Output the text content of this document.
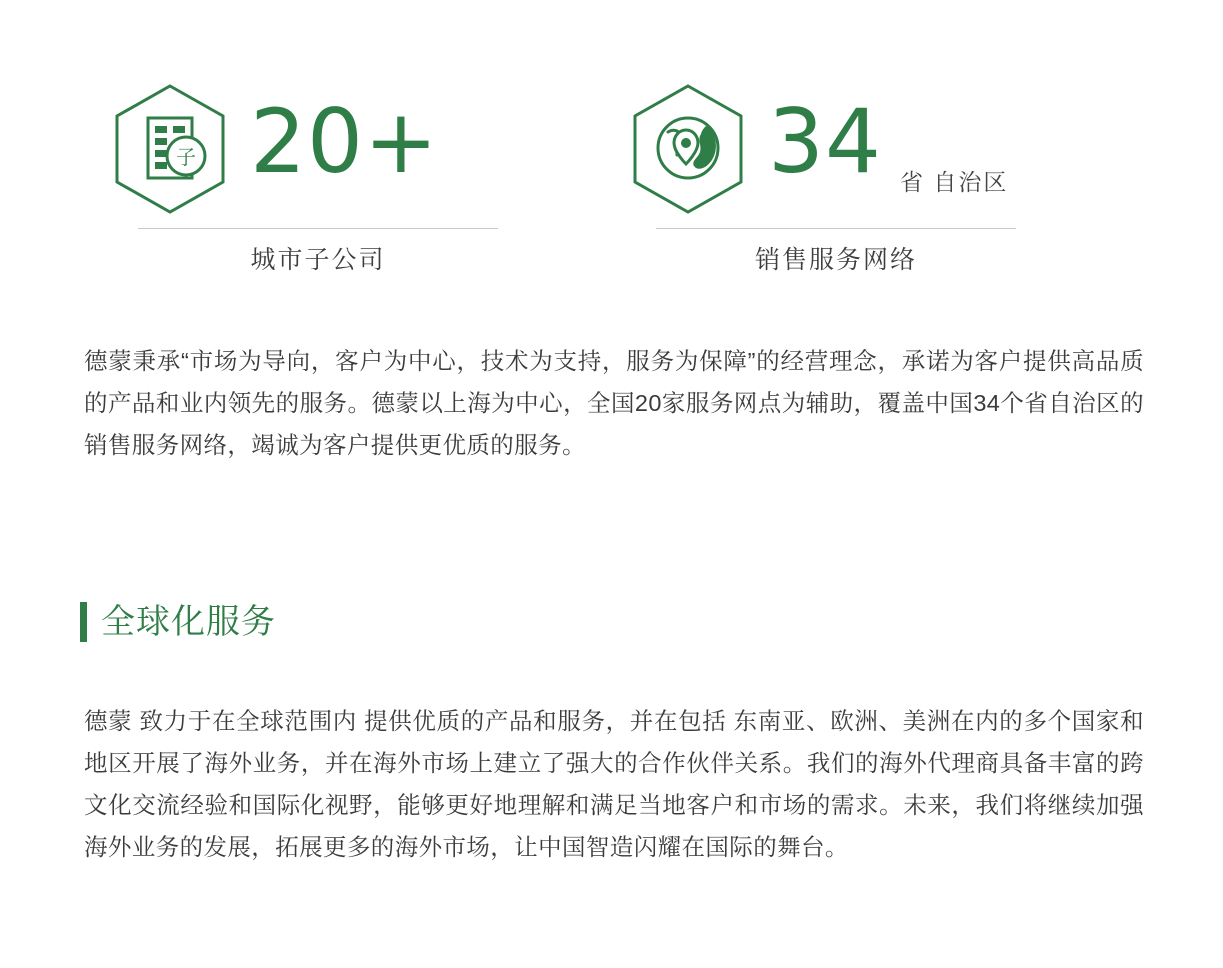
子 20+
城市子公司
34 省 自治区
销售服务网络
德蒙秉承“市场为导向，客户为中心，技术为支持，服务为保障”的经营理念，承诺为客户提供高品质的产品和业内领先的服务。德蒙以上海为中心，全国20家服务网点为辅助，覆盖中国34个省自治区的销售服务网络，竭诚为客户提供更优质的服务。
全球化服务
德蒙 致力于在全球范围内 提供优质的产品和服务，并在包括 东南亚、欧洲、美洲在内的多个国家和地区开展了海外业务，并在海外市场上建立了强大的合作伙伴关系。我们的海外代理商具备丰富的跨文化交流经验和国际化视野，能够更好地理解和满足当地客户和市场的需求。未来，我们将继续加强海外业务的发展，拓展更多的海外市场，让中国智造闪耀在国际的舞台。
